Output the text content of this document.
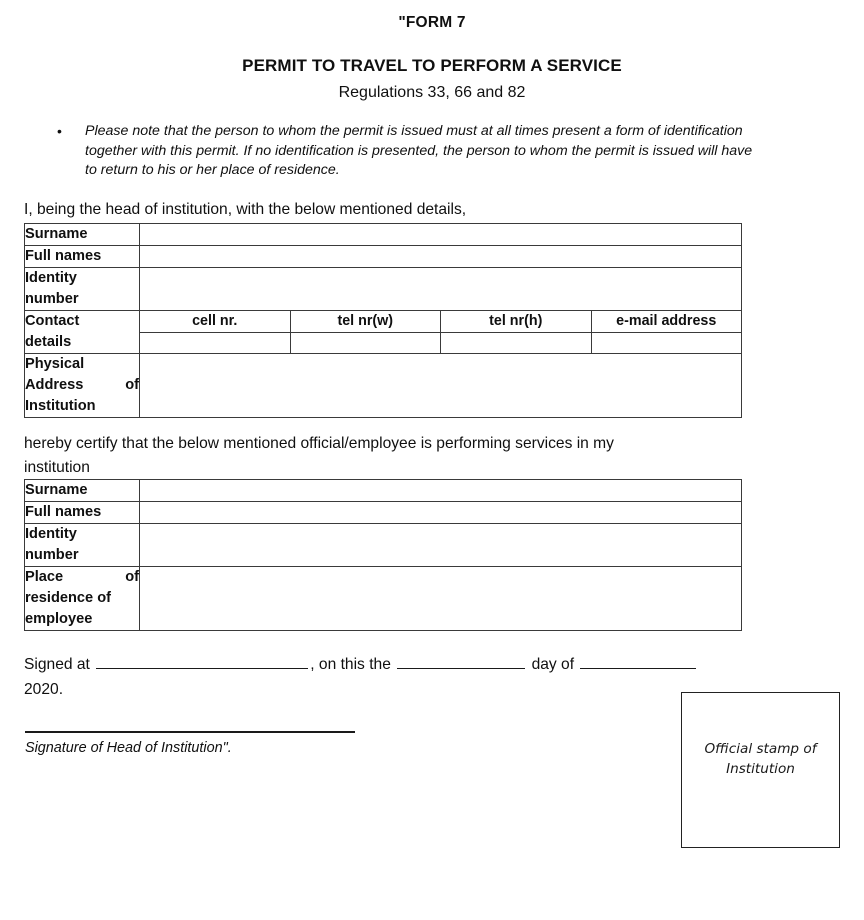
"FORM 7
PERMIT TO TRAVEL TO PERFORM A SERVICE
Regulations 33, 66 and 82
•	Please note that the person to whom the permit is issued must at all times present a form of identification together with this permit. If no identification is presented, the person to whom the permit is issued will have to return to his or her place of residence.
I, being the head of institution, with the below mentioned details,
Surname				

Full names				

Identity
number				

Contact
details	cell nr.	tel nr(w)	tel nr(h)	e-mail address

Physical
Address of
Institution				

hereby certify that the below mentioned official/employee is performing services in my
institution
Surname	

Full names	

Identity
number	

Place of
residence of
employee	

Signed at	, on this the	day of
2020.
Signature of Head of Institution".	Official stamp of
Institution
